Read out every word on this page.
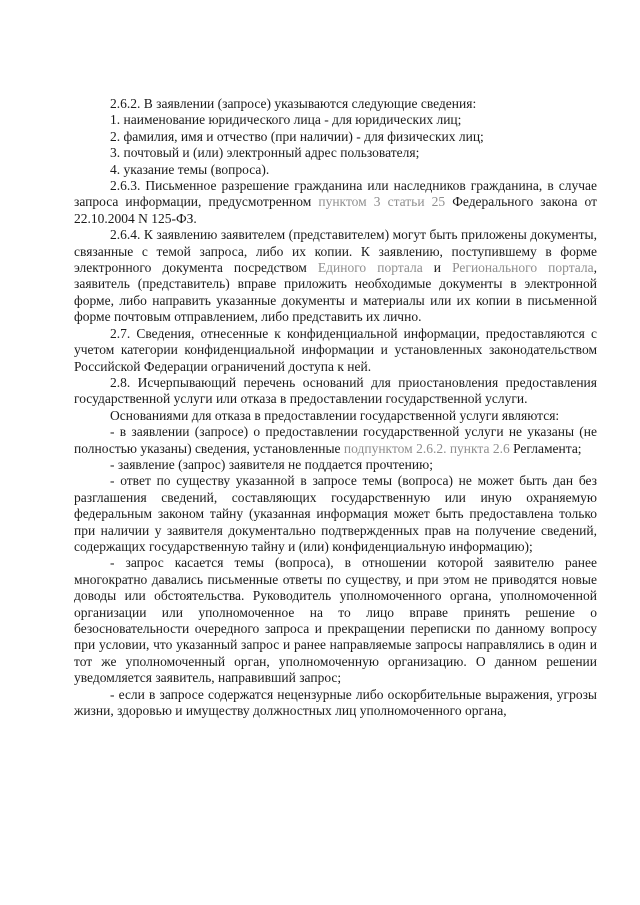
2.6.2. В заявлении (запросе) указываются следующие сведения:

1. наименование юридического лица - для юридических лиц;

2. фамилия, имя и отчество (при наличии) - для физических лиц;

3. почтовый и (или) электронный адрес пользователя;

4. указание темы (вопроса).

2.6.3. Письменное разрешение гражданина или наследников гражданина, в случае запроса информации, предусмотренном пунктом 3 статьи 25 Федерального закона от 22.10.2004 N 125-ФЗ.

2.6.4. К заявлению заявителем (представителем) могут быть приложены документы, связанные с темой запроса, либо их копии. К заявлению, поступившему в форме электронного документа посредством Единого портала и Регионального портала, заявитель (представитель) вправе приложить необходимые документы в электронной форме, либо направить указанные документы и материалы или их копии в письменной форме почтовым отправлением, либо представить их лично.

2.7. Сведения, отнесенные к конфиденциальной информации, предоставляются с учетом категории конфиденциальной информации и установленных законодательством Российской Федерации ограничений доступа к ней.

2.8. Исчерпывающий перечень оснований для приостановления предоставления государственной услуги или отказа в предоставлении государственной услуги.

Основаниями для отказа в предоставлении государственной услуги являются:

- в заявлении (запросе) о предоставлении государственной услуги не указаны (не полностью указаны) сведения, установленные подпунктом 2.6.2. пункта 2.6 Регламента;

- заявление (запрос) заявителя не поддается прочтению;

- ответ по существу указанной в запросе темы (вопроса) не может быть дан без разглашения сведений, составляющих государственную или иную охраняемую федеральным законом тайну (указанная информация может быть предоставлена только при наличии у заявителя документально подтвержденных прав на получение сведений, содержащих государственную тайну и (или) конфиденциальную информацию);

- запрос касается темы (вопроса), в отношении которой заявителю ранее многократно давались письменные ответы по существу, и при этом не приводятся новые доводы или обстоятельства. Руководитель уполномоченного органа, уполномоченной организации или уполномоченное на то лицо вправе принять решение о безосновательности очередного запроса и прекращении переписки по данному вопросу при условии, что указанный запрос и ранее направляемые запросы направлялись в один и тот же уполномоченный орган, уполномоченную организацию. О данном решении уведомляется заявитель, направивший запрос;

- если в запросе содержатся нецензурные либо оскорбительные выражения, угрозы жизни, здоровью и имуществу должностных лиц уполномоченного органа,
